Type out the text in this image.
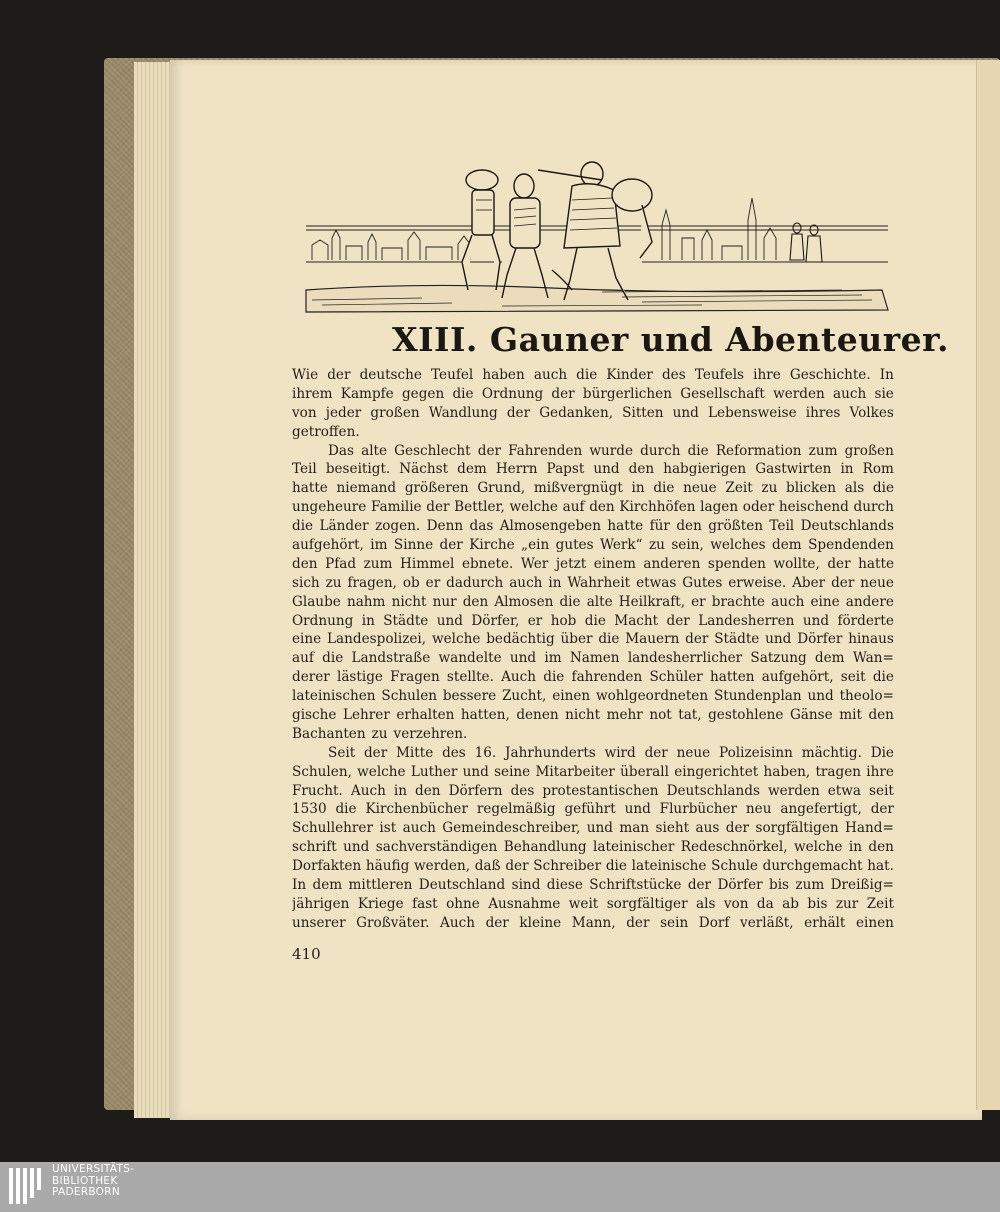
XIII. Gauner und Abenteurer.
Wie der deutsche Teufel haben auch die Kinder des Teufels ihre Geschichte. In
ihrem Kampfe gegen die Ordnung der bürgerlichen Gesellschaft werden auch sie
von jeder großen Wandlung der Gedanken, Sitten und Lebensweise ihres Volkes
getroffen.
Das alte Geschlecht der Fahrenden wurde durch die Reformation zum großen
Teil beseitigt. Nächst dem Herrn Papst und den habgierigen Gastwirten in Rom
hatte niemand größeren Grund, mißvergnügt in die neue Zeit zu blicken als die
ungeheure Familie der Bettler, welche auf den Kirchhöfen lagen oder heischend durch
die Länder zogen. Denn das Almosengeben hatte für den größten Teil Deutschlands
aufgehört, im Sinne der Kirche „ein gutes Werk“ zu sein, welches dem Spendenden
den Pfad zum Himmel ebnete. Wer jetzt einem anderen spenden wollte, der hatte
sich zu fragen, ob er dadurch auch in Wahrheit etwas Gutes erweise. Aber der neue
Glaube nahm nicht nur den Almosen die alte Heilkraft, er brachte auch eine andere
Ordnung in Städte und Dörfer, er hob die Macht der Landesherren und förderte
eine Landespolizei, welche bedächtig über die Mauern der Städte und Dörfer hinaus
auf die Landstraße wandelte und im Namen landesherrlicher Satzung dem Wan=
derer lästige Fragen stellte. Auch die fahrenden Schüler hatten aufgehört, seit die
lateinischen Schulen bessere Zucht, einen wohlgeordneten Stundenplan und theolo=
gische Lehrer erhalten hatten, denen nicht mehr not tat, gestohlene Gänse mit den
Bachanten zu verzehren.
Seit der Mitte des 16. Jahrhunderts wird der neue Polizeisinn mächtig. Die
Schulen, welche Luther und seine Mitarbeiter überall eingerichtet haben, tragen ihre
Frucht. Auch in den Dörfern des protestantischen Deutschlands werden etwa seit
1530 die Kirchenbücher regelmäßig geführt und Flurbücher neu angefertigt, der
Schullehrer ist auch Gemeindeschreiber, und man sieht aus der sorgfältigen Hand=
schrift und sachverständigen Behandlung lateinischer Redeschnörkel, welche in den
Dorfakten häufig werden, daß der Schreiber die lateinische Schule durchgemacht hat.
In dem mittleren Deutschland sind diese Schriftstücke der Dörfer bis zum Dreißig=
jährigen Kriege fast ohne Ausnahme weit sorgfältiger als von da ab bis zur Zeit
unserer Großväter. Auch der kleine Mann, der sein Dorf verläßt, erhält einen
410
UNIVERSITÄTS-
BIBLIOTHEK
PADERBORN
